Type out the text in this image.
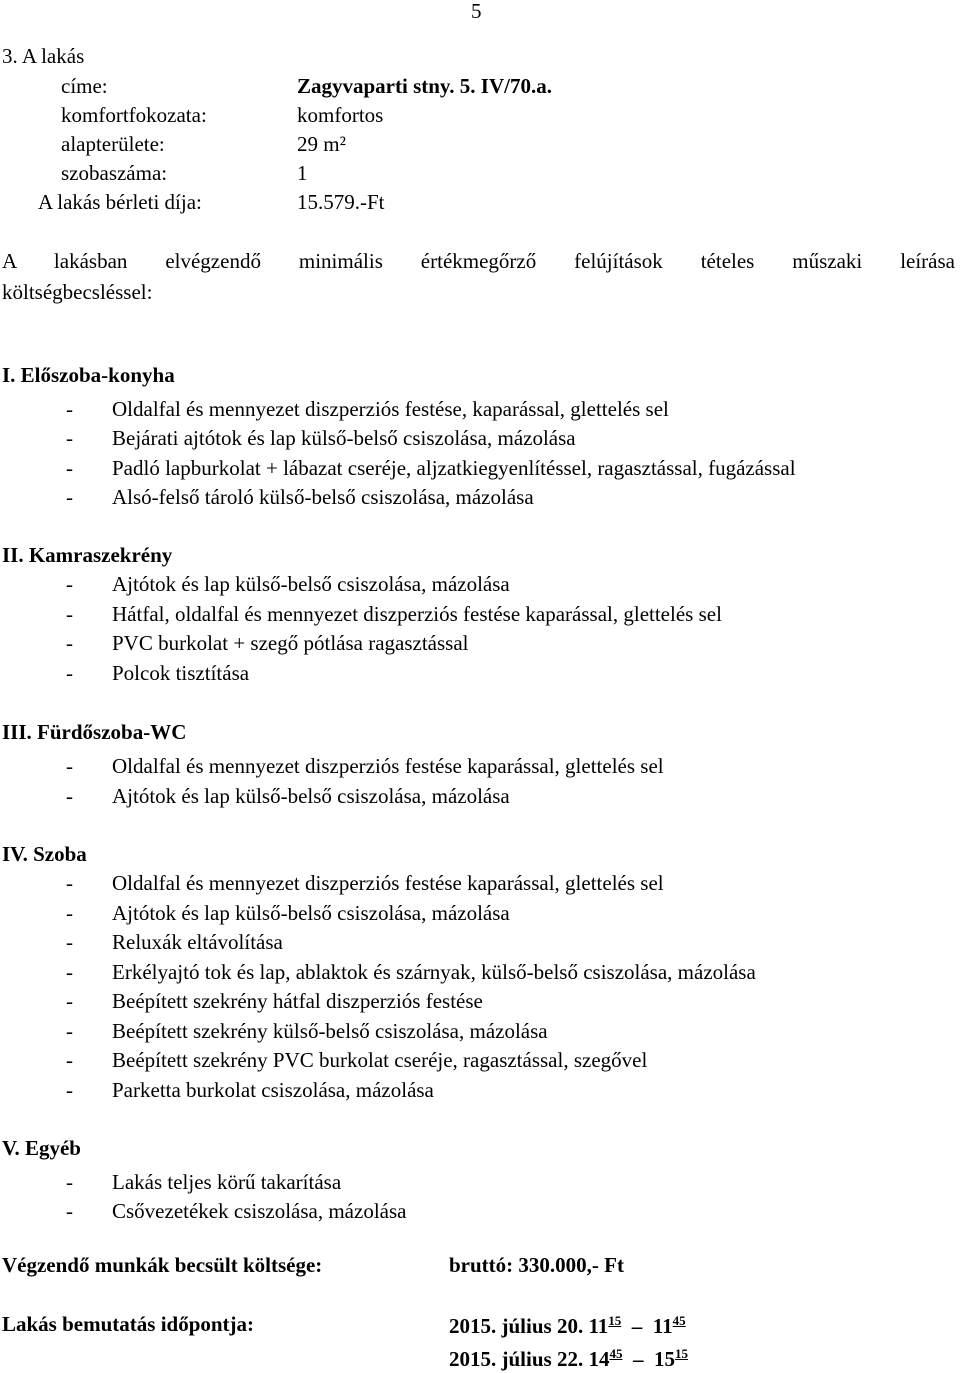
5
3. A lakás
címe:	Zagyvaparti stny. 5. IV/70.a.
komfortfokozata:	komfortos
alapterülete:	29 m²
szobaszáma:	1
A lakás bérleti díja:	15.579.-Ft
A lakásban elvégzendő minimális értékmegőrző felújítások tételes műszaki leírása
költségbecsléssel:
I. Előszoba-konyha
- Oldalfal és mennyezet diszperziós festése, kaparással, glettelés sel
- Bejárati ajtótok és lap külső-belső csiszolása, mázolása
- Padló lapburkolat + lábazat cseréje, aljzatkiegyenlítéssel, ragasztással, fugázással
- Alsó-felső tároló külső-belső csiszolása, mázolása
II. Kamraszekrény
- Ajtótok és lap külső-belső csiszolása, mázolása
- Hátfal, oldalfal és mennyezet diszperziós festése kaparással, glettelés sel
- PVC burkolat + szegő pótlása ragasztással
- Polcok tisztítása
III. Fürdőszoba-WC
- Oldalfal és mennyezet diszperziós festése kaparással, glettelés sel
- Ajtótok és lap külső-belső csiszolása, mázolása
IV. Szoba
- Oldalfal és mennyezet diszperziós festése kaparással, glettelés sel
- Ajtótok és lap külső-belső csiszolása, mázolása
- Reluxák eltávolítása
- Erkélyajtó tok és lap, ablaktok és szárnyak, külső-belső csiszolása, mázolása
- Beépített szekrény hátfal diszperziós festése
- Beépített szekrény külső-belső csiszolása, mázolása
- Beépített szekrény PVC burkolat cseréje, ragasztással, szegővel
- Parketta burkolat csiszolása, mázolása
V. Egyéb
- Lakás teljes körű takarítása
- Csővezetékek csiszolása, mázolása
Végzendő munkák becsült költsége:	bruttó: 330.000,- Ft
Lakás bemutatás időpontja:	2015. július 20. $11^{15} - 11^{45}$
2015. július 22. $14^{45} - 15^{15}$
